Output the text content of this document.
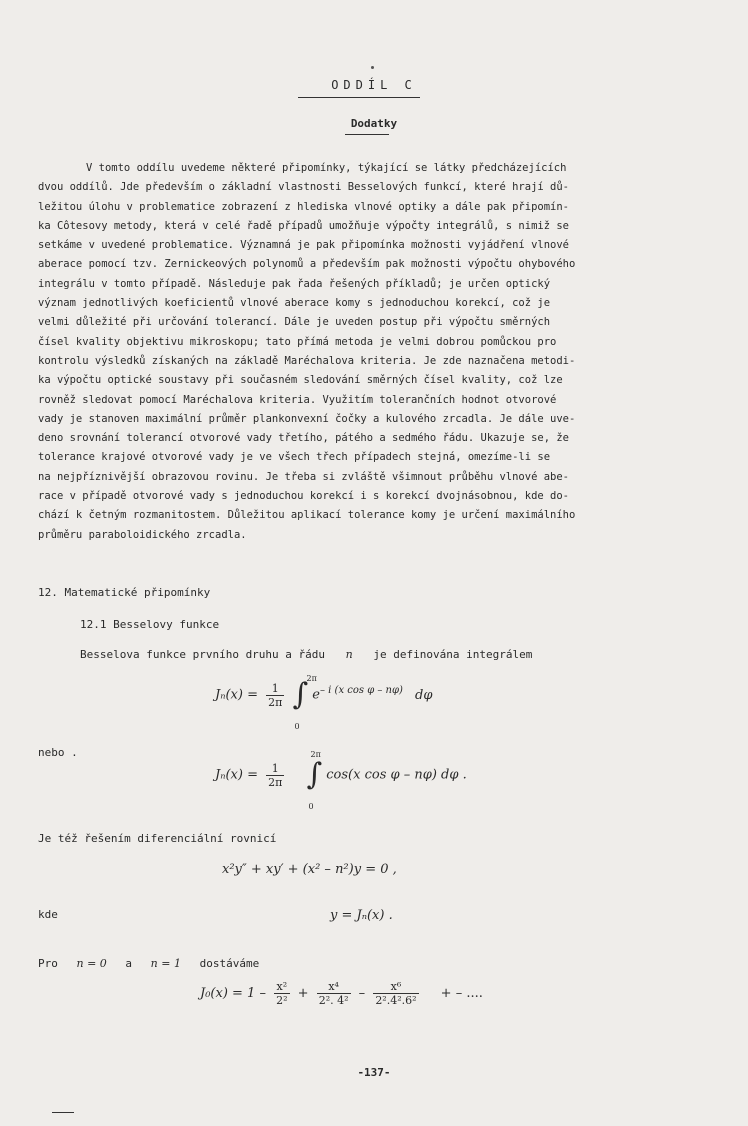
ODDÍL C
Dodatky
V tomto oddílu uvedeme některé připomínky, týkající se látky předcházejících
dvou oddílů. Jde především o základní vlastnosti Besselových funkcí, které hrají dů-
ležitou úlohu v problematice zobrazení z hlediska vlnové optiky a dále pak připomín-
ka Côtesovy metody, která v celé řadě případů umožňuje výpočty integrálů, s nimiž se
setkáme v uvedené problematice. Významná je pak připomínka možnosti vyjádření vlnové
aberace pomocí tzv. Zernickeových polynomů a především pak možnosti výpočtu ohybového
integrálu v tomto případě. Následuje pak řada řešených příkladů; je určen optický
význam jednotlivých koeficientů vlnové aberace komy s jednoduchou korekcí, což je
velmi důležité při určování tolerancí. Dále je uveden postup při výpočtu směrných
čísel kvality objektivu mikroskopu; tato přímá metoda je velmi dobrou pomůckou pro
kontrolu výsledků získaných na základě Maréchalova kriteria. Je zde naznačena metodi-
ka výpočtu optické soustavy při současném sledování směrných čísel kvality, což lze
rovněž sledovat pomocí Maréchalova kriteria. Využitím tolerančních hodnot otvorové
vady je stanoven maximální průměr plankonvexní čočky a kulového zrcadla. Je dále uve-
deno srovnání tolerancí otvorové vady třetího, pátého a sedmého řádu. Ukazuje se, že
tolerance krajové otvorové vady je ve všech třech případech stejná, omezíme-li se
na nejpříznivější obrazovou rovinu. Je třeba si zvláště všimnout průběhu vlnové abe-
race v případě otvorové vady s jednoduchou korekcí i s korekcí dvojnásobnou, kde do-
chází k četným rozmanitostem. Důležitou aplikací tolerance komy je určení maximálního
průměru paraboloidického zrcadla.
12. Matematické připomínky
12.1 Besselovy funkce
Besselova funkce prvního druhu a řádu n je definována integrálem
$J_n(x) = \frac{1}{2\pi}$ ∫
2π
0
$e^{- i (x cos \varphi - n\varphi)}$ dφ
nebo .
$J_n(x) = \frac{1}{2\pi}$ ∫
2π
0
cos(x cos φ – nφ) dφ .
Je též řešením diferenciální rovnicí
x²y″ + xy′ + (x² – n²)y = 0 ,
kde	y = Jₙ(x) .
Pro n = 0 a n = 1 dostáváme
$J_0(x) = 1 - \frac{\text{x²}}{\text{2²}} + \frac{\text{x⁴}}{\text{2². 4²}} - \frac{\text{x⁶}}{\text{2².4².6²}}$ + – ....
-137-
